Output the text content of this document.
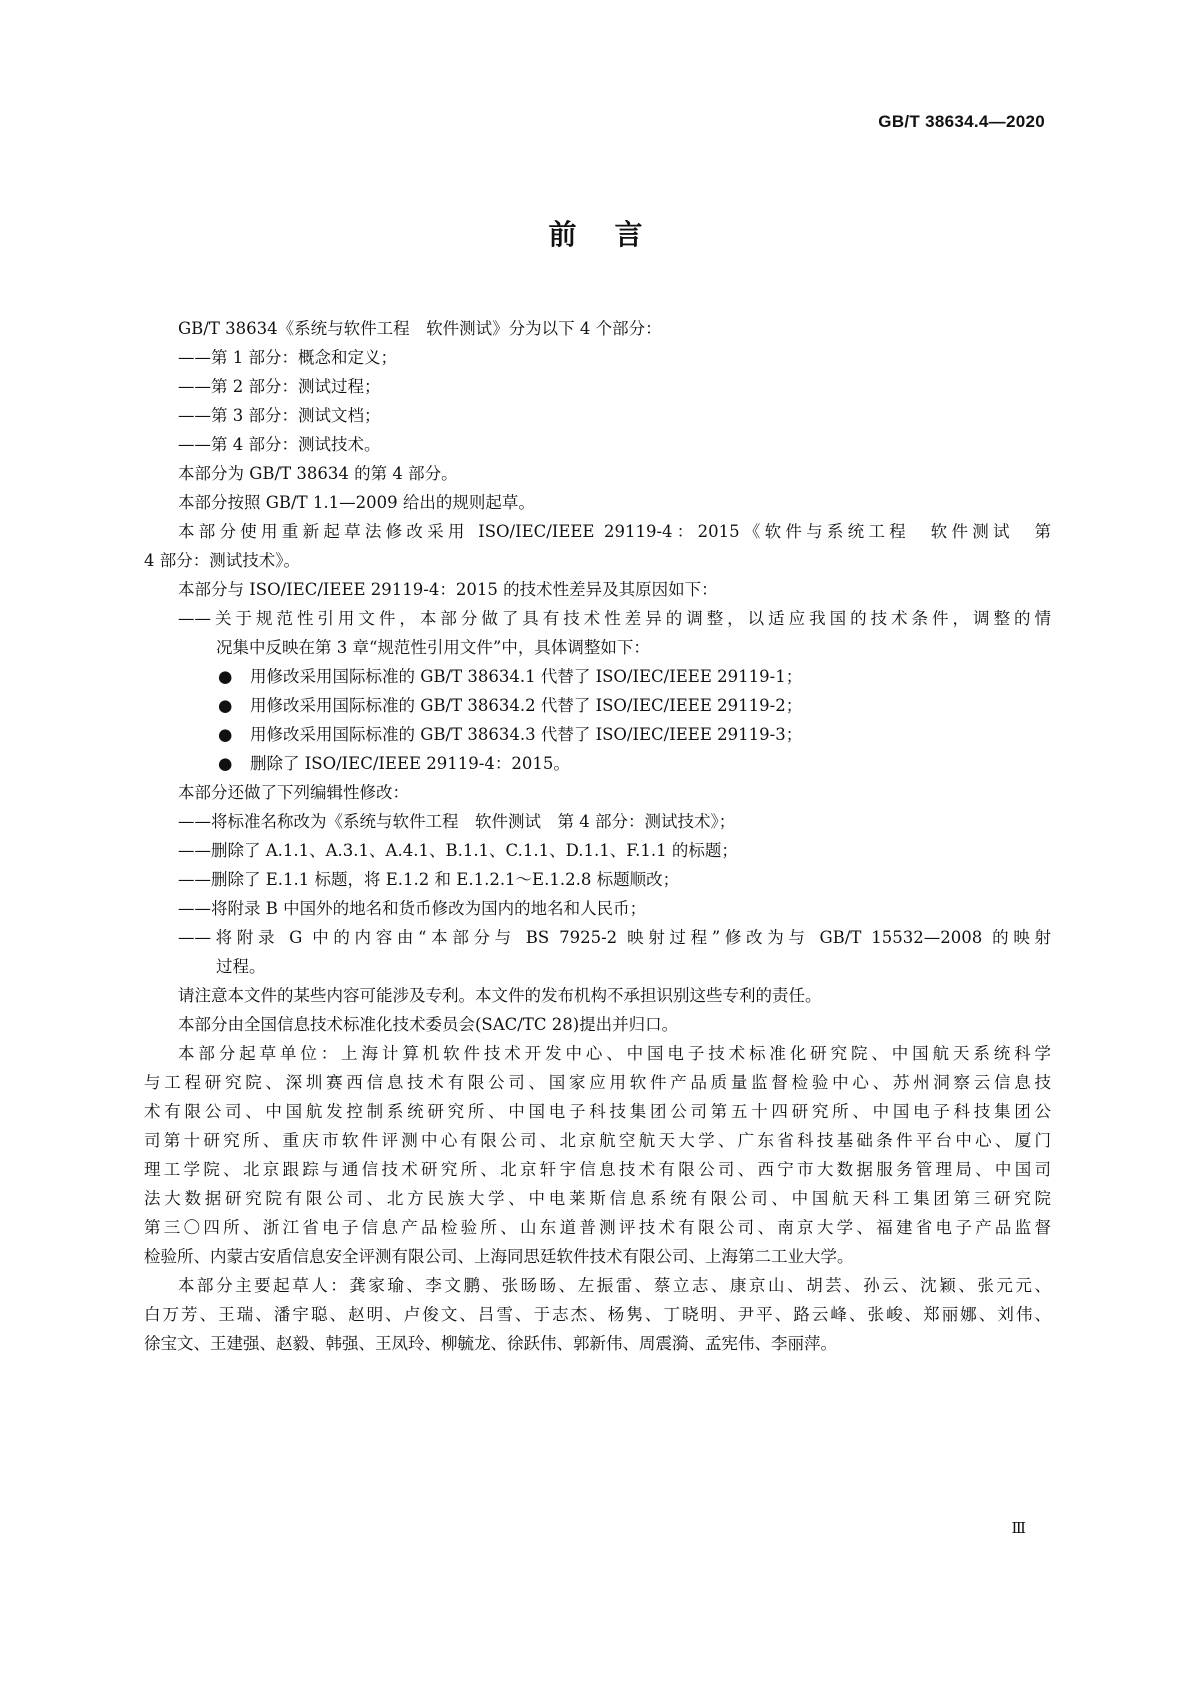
GB/T 38634.4—2020
前言
GB/T 38634《系统与软件工程　软件测试》分为以下 4 个部分：
——第 1 部分：概念和定义；
——第 2 部分：测试过程；
——第 3 部分：测试文档；
——第 4 部分：测试技术。
本部分为 GB/T 38634 的第 4 部分。
本部分按照 GB/T 1.1—2009 给出的规则起草。
本部分使用重新起草法修改采用 ISO/IEC/IEEE 29119-4：2015《软件与系统工程　软件测试　第
4 部分：测试技术》。
本部分与 ISO/IEC/IEEE 29119-4：2015 的技术性差异及其原因如下：
——关于规范性引用文件，本部分做了具有技术性差异的调整，以适应我国的技术条件，调整的情
况集中反映在第 3 章“规范性引用文件”中，具体调整如下：
● 用修改采用国际标准的 GB/T 38634.1 代替了 ISO/IEC/IEEE 29119-1；
● 用修改采用国际标准的 GB/T 38634.2 代替了 ISO/IEC/IEEE 29119-2；
● 用修改采用国际标准的 GB/T 38634.3 代替了 ISO/IEC/IEEE 29119-3；
● 删除了 ISO/IEC/IEEE 29119-4：2015。
本部分还做了下列编辑性修改：
——将标准名称改为《系统与软件工程　软件测试　第 4 部分：测试技术》；
——删除了 A.1.1、A.3.1、A.4.1、B.1.1、C.1.1、D.1.1、F.1.1 的标题；
——删除了 E.1.1 标题，将 E.1.2 和 E.1.2.1～E.1.2.8 标题顺改；
——将附录 B 中国外的地名和货币修改为国内的地名和人民币；
——将附录 G 中的内容由“本部分与 BS 7925-2 映射过程”修改为与 GB/T 15532—2008 的映射
过程。
请注意本文件的某些内容可能涉及专利。本文件的发布机构不承担识别这些专利的责任。
本部分由全国信息技术标准化技术委员会(SAC/TC 28)提出并归口。
本部分起草单位：上海计算机软件技术开发中心、中国电子技术标准化研究院、中国航天系统科学
与工程研究院、深圳赛西信息技术有限公司、国家应用软件产品质量监督检验中心、苏州洞察云信息技
术有限公司、中国航发控制系统研究所、中国电子科技集团公司第五十四研究所、中国电子科技集团公
司第十研究所、重庆市软件评测中心有限公司、北京航空航天大学、广东省科技基础条件平台中心、厦门
理工学院、北京跟踪与通信技术研究所、北京轩宇信息技术有限公司、西宁市大数据服务管理局、中国司
法大数据研究院有限公司、北方民族大学、中电莱斯信息系统有限公司、中国航天科工集团第三研究院
第三〇四所、浙江省电子信息产品检验所、山东道普测评技术有限公司、南京大学、福建省电子产品监督
检验所、内蒙古安盾信息安全评测有限公司、上海同思廷软件技术有限公司、上海第二工业大学。
本部分主要起草人：龚家瑜、李文鹏、张旸旸、左振雷、蔡立志、康京山、胡芸、孙云、沈颖、张元元、
白万芳、王瑞、潘宇聪、赵明、卢俊文、吕雪、于志杰、杨隽、丁晓明、尹平、路云峰、张峻、郑丽娜、刘伟、
徐宝文、王建强、赵毅、韩强、王凤玲、柳毓龙、徐跃伟、郭新伟、周震漪、孟宪伟、李丽萍。
Ⅲ
